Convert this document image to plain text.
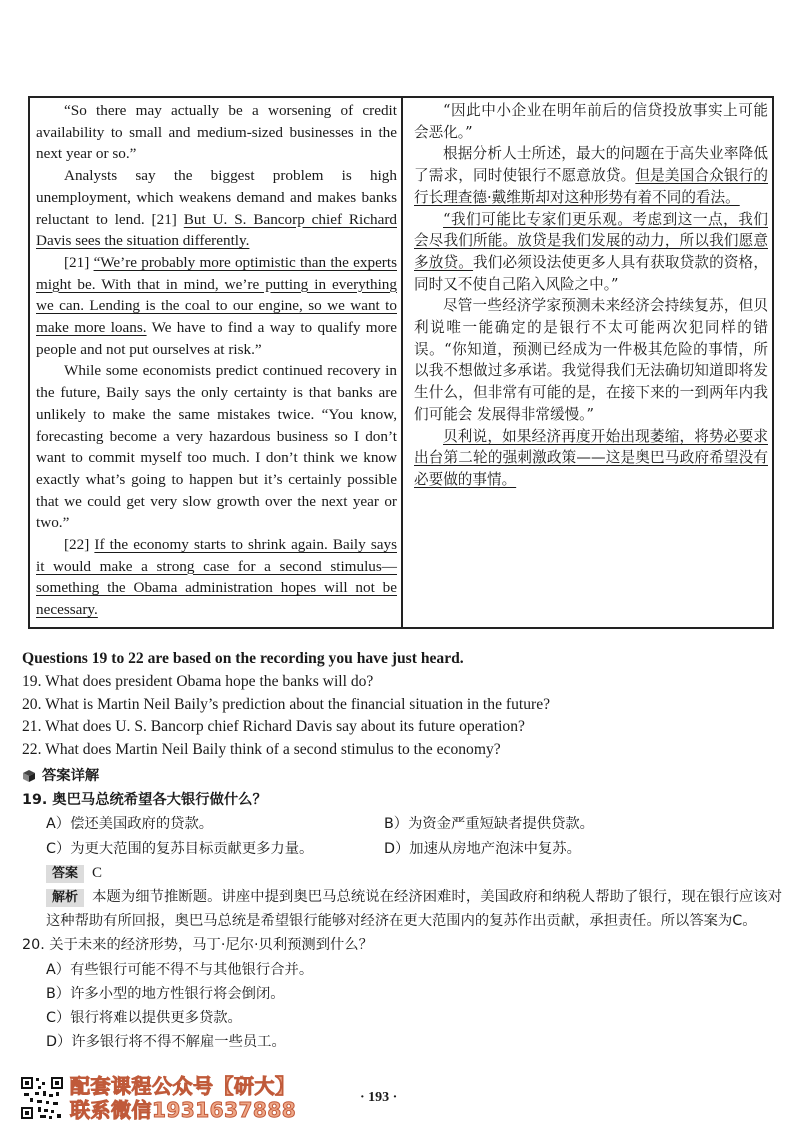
“So there may actually be a worsening of credit availability to small and medium-sized businesses in the next year or so.”

Analysts say the biggest problem is high unemployment, which weakens demand and makes banks reluctant to lend. [21] But U. S. Bancorp chief Richard Davis sees the situation differently.

[21] “We’re probably more optimistic than the experts might be. With that in mind, we’re putting in everything we can. Lending is the coal to our engine, so we want to make more loans. We have to find a way to qualify more people and not put ourselves at risk.”

While some economists predict continued recovery in the future, Baily says the only certainty is that banks are unlikely to make the same mistakes twice. “You know, forecasting become a very hazardous business so I don’t want to commit myself too much. I don’t think we know exactly what’s going to happen but it’s certainly possible that we could get very slow growth over the next year or two.”

[22] If the economy starts to shrink again. Baily says it would make a strong case for a second stimulus—something the Obama administration hopes will not be necessary.

“因此中小企业在明年前后的信贷投放事实上可能会恶化。”

根据分析人士所述，最大的问题在于高失业率降低了需求，同时使银行不愿意放贷。但是美国合众银行的行长理查德·戴维斯却对这种形势有着不同的看法。

“我们可能比专家们更乐观。考虑到这一点，我们会尽我们所能。放贷是我们发展的动力，所以我们愿意多放贷。我们必须设法使更多人具有获取贷款的资格，同时又不使自己陷入风险之中。”

尽管一些经济学家预测未来经济会持续复苏，但贝利说唯一能确定的是银行不太可能两次犯同样的错误。“你知道，预测已经成为一件极其危险的事情，所以我不想做过多承诺。我觉得我们无法确切知道即将发生什么，但非常有可能的是，在接下来的一到两年内我们可能会 发展得非常缓慢。”

贝利说，如果经济再度开始出现萎缩，将势必要求出台第二轮的强刺激政策——这是奥巴马政府希望没有必要做的事情。

Questions 19 to 22 are based on the recording you have just heard.
19. What does president Obama hope the banks will do?
20. What is Martin Neil Baily’s prediction about the financial situation in the future?
21. What does U. S. Bancorp chief Richard Davis say about its future operation?
22. What does Martin Neil Baily think of a second stimulus to the economy?
答案详解
19. 奥巴马总统希望各大银行做什么？
A）偿还美国政府的贷款。	B）为资金严重短缺者提供贷款。
C）为更大范围的复苏目标贡献更多力量。	D）加速从房地产泡沫中复苏。
答案 C
解析 本题为细节推断题。讲座中提到奥巴马总统说在经济困难时，美国政府和纳税人帮助了银行，现在银行应该对这种帮助有所回报，奥巴马总统是希望银行能够对经济在更大范围内的复苏作出贡献，承担责任。所以答案为C。
20. 关于未来的经济形势，马丁·尼尔·贝利预测到什么？
A）有些银行可能不得不与其他银行合并。
B）许多小型的地方性银行将会倒闭。
C）银行将难以提供更多贷款。
D）许多银行将不得不解雇一些员工。
配套课程公众号【研大】
联系微信1931637888
· 193 ·
